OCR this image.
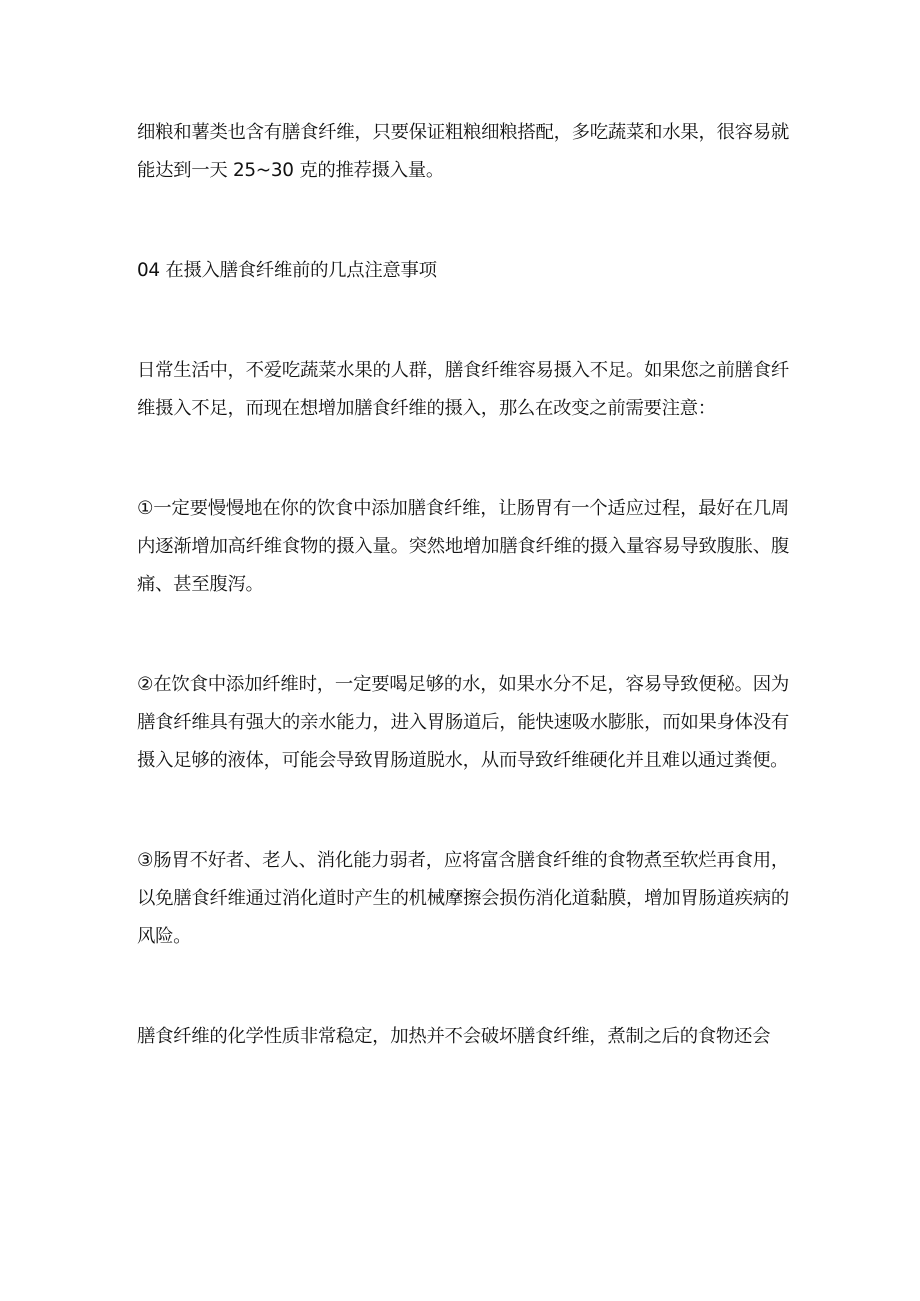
细粮和薯类也含有膳食纤维，只要保证粗粮细粮搭配，多吃蔬菜和水果，很容易就能达到一天 25~30 克的推荐摄入量。

04 在摄入膳食纤维前的几点注意事项

日常生活中，不爱吃蔬菜水果的人群，膳食纤维容易摄入不足。如果您之前膳食纤维摄入不足，而现在想增加膳食纤维的摄入，那么在改变之前需要注意：

①一定要慢慢地在你的饮食中添加膳食纤维，让肠胃有一个适应过程，最好在几周内逐渐增加高纤维食物的摄入量。突然地增加膳食纤维的摄入量容易导致腹胀、腹痛、甚至腹泻。

②在饮食中添加纤维时，一定要喝足够的水，如果水分不足，容易导致便秘。因为膳食纤维具有强大的亲水能力，进入胃肠道后，能快速吸水膨胀，而如果身体没有摄入足够的液体，可能会导致胃肠道脱水，从而导致纤维硬化并且难以通过粪便。

③肠胃不好者、老人、消化能力弱者，应将富含膳食纤维的食物煮至软烂再食用，以免膳食纤维通过消化道时产生的机械摩擦会损伤消化道黏膜，增加胃肠道疾病的风险。

膳食纤维的化学性质非常稳定，加热并不会破坏膳食纤维，煮制之后的食物还会
